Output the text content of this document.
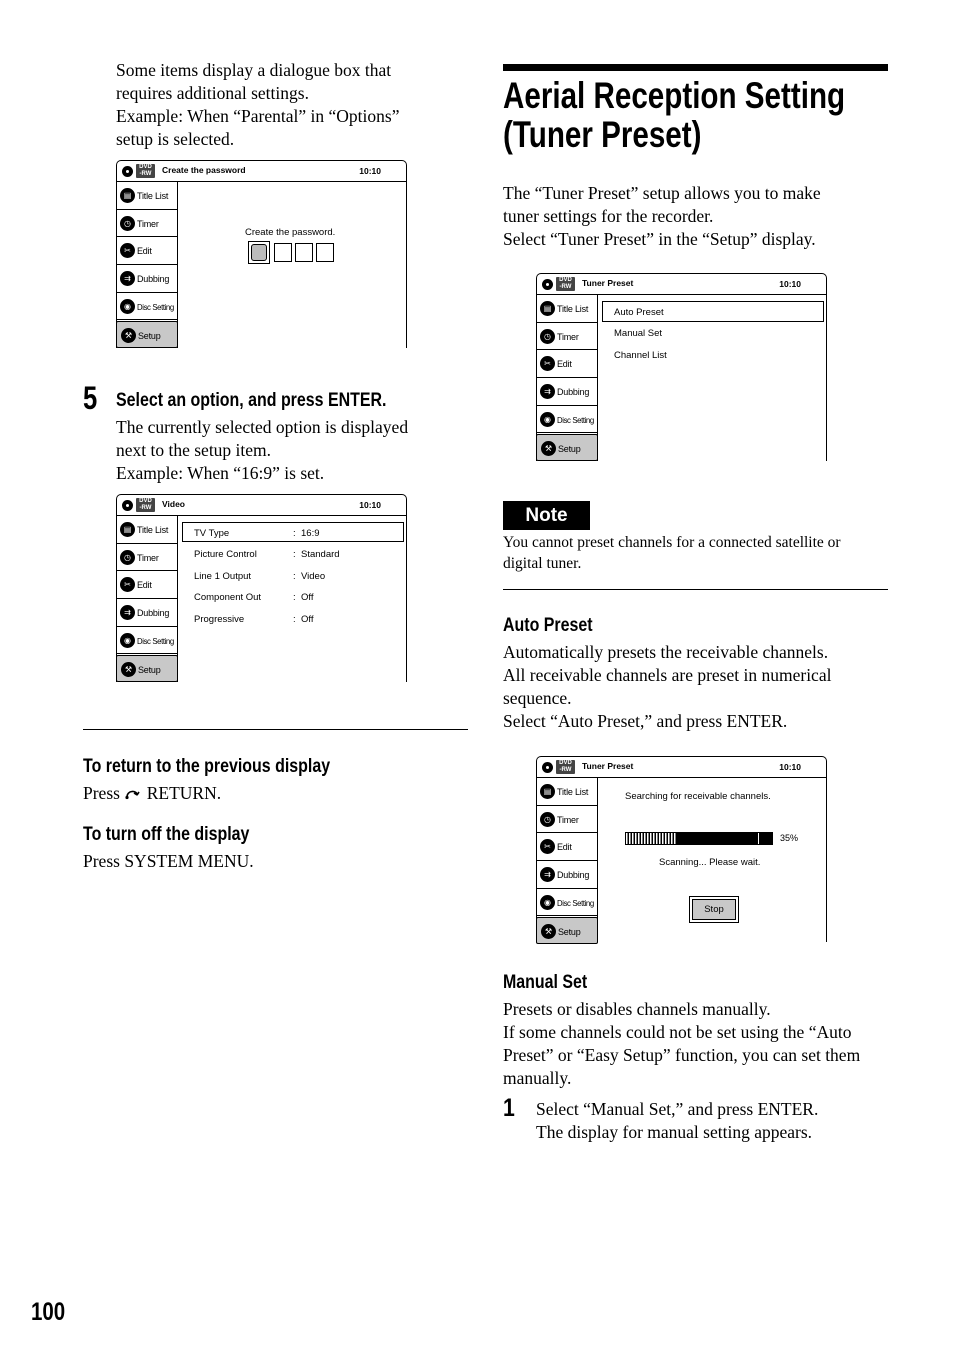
Some items display a dialogue box that

requires additional settings.

Example: When “Parental” in “Options”

setup is selected.

DVD
-RW	Create the password	10:10
▤ Title List
◷ Timer
✂ Edit
⇉ Dubbing
◉ Disc Setting
⚒ Setup
Create the password.
5 Select an option, and press ENTER.

The currently selected option is displayed

next to the setup item.

Example: When “16:9” is set.

DVD
-RW	Video	10:10
▤ Title List
◷ Timer
✂ Edit
⇉ Dubbing
◉ Disc Setting
⚒ Setup
TV Type	: 16:9
Picture Control	: Standard
Line 1 Output	: Video
Component Out	: Off
Progressive	: Off
To return to the previous display
Press RETURN.
To turn off the display
Press SYSTEM MENU.
100
Aerial Reception Setting
(Tuner Preset)

The “Tuner Preset” setup allows you to make

tuner settings for the recorder.

Select “Tuner Preset” in the “Setup” display.

DVD
-RW	Tuner Preset	10:10
▤ Title List
◷ Timer
✂ Edit
⇉ Dubbing
◉ Disc Setting
⚒ Setup
Auto Preset
Manual Set
Channel List
Note

You cannot preset channels for a connected satellite or

digital tuner.

Auto Preset

Automatically presets the receivable channels.

All receivable channels are preset in numerical

sequence.

Select “Auto Preset,” and press ENTER.

DVD
-RW	Tuner Preset	10:10
▤ Title List
◷ Timer
✂ Edit
⇉ Dubbing
◉ Disc Setting
⚒ Setup
Searching for receivable channels.
35%
Scanning... Please wait.
Stop
Manual Set

Presets or disables channels manually.

If some channels could not be set using the “Auto

Preset” or “Easy Setup” function, you can set them

manually.

1 Select “Manual Set,” and press ENTER.

The display for manual setting appears.
